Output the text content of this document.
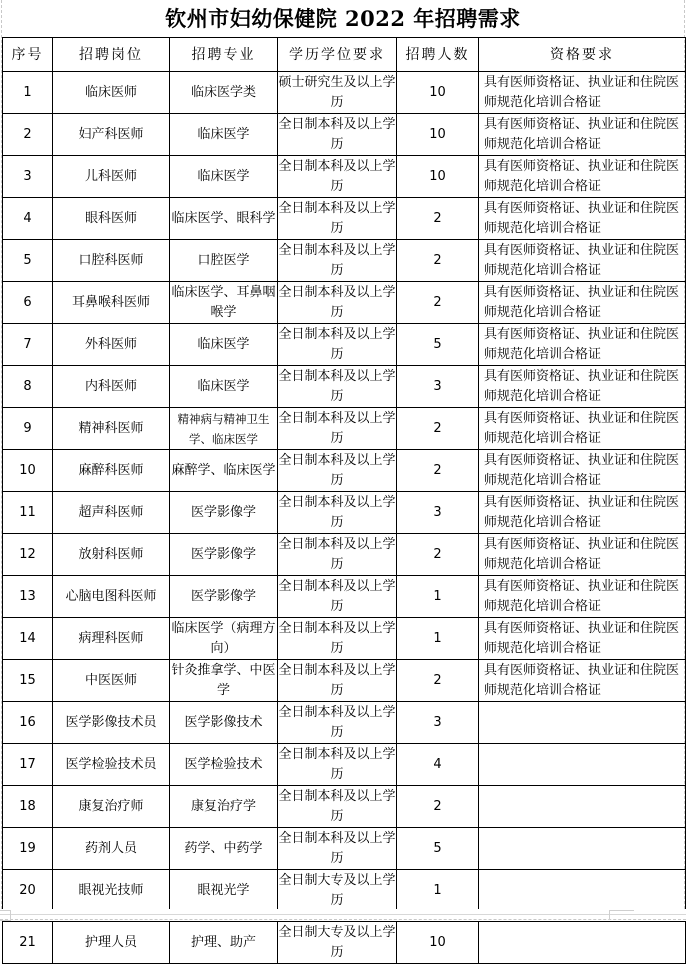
钦州市妇幼保健院 2022 年招聘需求
序号	招聘岗位	招聘专业	学历学位要求	招聘人数	资格要求
1	临床医师	临床医学类	硕士研究生及以上学历	10	具有医师资格证、执业证和住院医师规范化培训合格证
2	妇产科医师	临床医学	全日制本科及以上学历	10	具有医师资格证、执业证和住院医师规范化培训合格证
3	儿科医师	临床医学	全日制本科及以上学历	10	具有医师资格证、执业证和住院医师规范化培训合格证
4	眼科医师	临床医学、眼科学	全日制本科及以上学历	2	具有医师资格证、执业证和住院医师规范化培训合格证
5	口腔科医师	口腔医学	全日制本科及以上学历	2	具有医师资格证、执业证和住院医师规范化培训合格证
6	耳鼻喉科医师	临床医学、耳鼻咽喉学	全日制本科及以上学历	2	具有医师资格证、执业证和住院医师规范化培训合格证
7	外科医师	临床医学	全日制本科及以上学历	5	具有医师资格证、执业证和住院医师规范化培训合格证
8	内科医师	临床医学	全日制本科及以上学历	3	具有医师资格证、执业证和住院医师规范化培训合格证
9	精神科医师	精神病与精神卫生学、临床医学	全日制本科及以上学历	2	具有医师资格证、执业证和住院医师规范化培训合格证
10	麻醉科医师	麻醉学、临床医学	全日制本科及以上学历	2	具有医师资格证、执业证和住院医师规范化培训合格证
11	超声科医师	医学影像学	全日制本科及以上学历	3	具有医师资格证、执业证和住院医师规范化培训合格证
12	放射科医师	医学影像学	全日制本科及以上学历	2	具有医师资格证、执业证和住院医师规范化培训合格证
13	心脑电图科医师	医学影像学	全日制本科及以上学历	1	具有医师资格证、执业证和住院医师规范化培训合格证
14	病理科医师	临床医学（病理方向）	全日制本科及以上学历	1	具有医师资格证、执业证和住院医师规范化培训合格证
15	中医医师	针灸推拿学、中医学	全日制本科及以上学历	2	具有医师资格证、执业证和住院医师规范化培训合格证
16	医学影像技术员	医学影像技术	全日制本科及以上学历	3	
17	医学检验技术员	医学检验技术	全日制本科及以上学历	4	
18	康复治疗师	康复治疗学	全日制本科及以上学历	2	
19	药剂人员	药学、中药学	全日制本科及以上学历	5	
20	眼视光技师	眼视光学	全日制大专及以上学历	1	
21	护理人员	护理、助产	全日制大专及以上学历	10	
